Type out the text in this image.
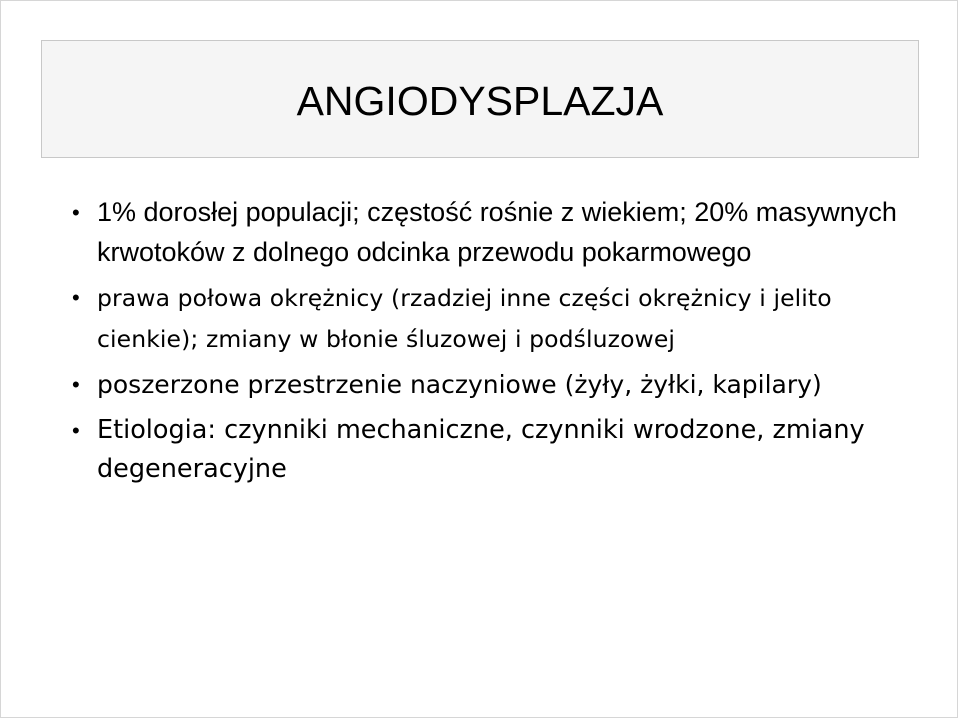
ANGIODYSPLAZJA
• 1% dorosłej populacji; częstość rośnie z wiekiem; 20% masywnych krwotoków z dolnego odcinka przewodu pokarmowego
• prawa połowa okrężnicy (rzadziej inne części okrężnicy i jelito cienkie); zmiany w błonie śluzowej i podśluzowej
• poszerzone przestrzenie naczyniowe (żyły, żyłki, kapilary)
• Etiologia: czynniki mechaniczne, czynniki wrodzone, zmiany degeneracyjne
